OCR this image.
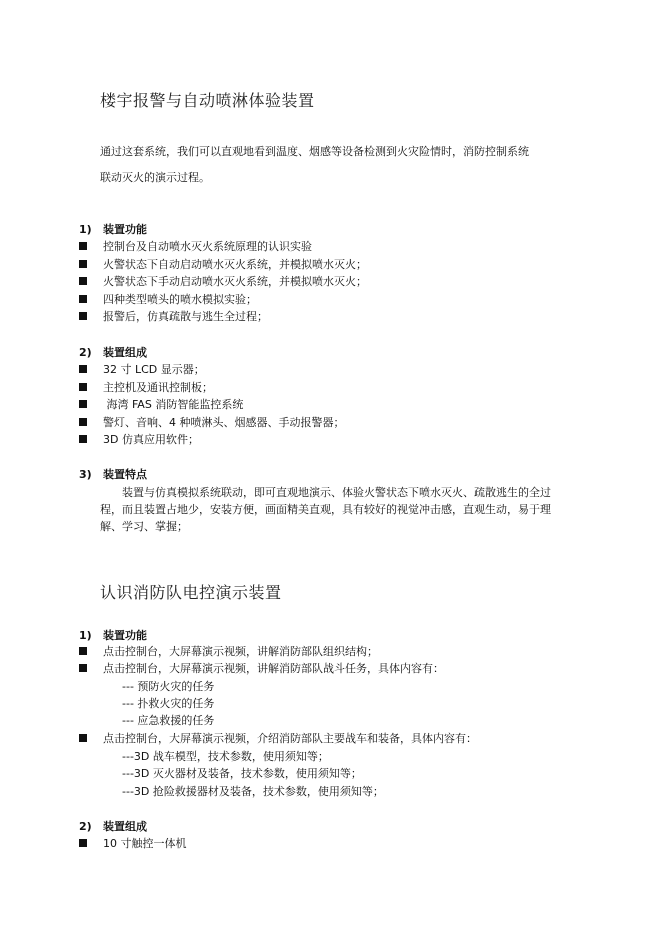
楼宇报警与自动喷淋体验装置
通过这套系统，我们可以直观地看到温度、烟感等设备检测到火灾险情时，消防控制系统
联动灭火的演示过程。
1) 装置功能
控制台及自动喷水灭火系统原理的认识实验
火警状态下自动启动喷水灭火系统，并模拟喷水灭火；
火警状态下手动启动喷水灭火系统，并模拟喷水灭火；
四种类型喷头的喷水模拟实验；
报警后，仿真疏散与逃生全过程；
2) 装置组成
32 寸 LCD 显示器；
主控机及通讯控制板；
海湾 FAS 消防智能监控系统
警灯、音响、4 种喷淋头、烟感器、手动报警器；
3D 仿真应用软件；
3) 装置特点
装置与仿真模拟系统联动，即可直观地演示、体验火警状态下喷水灭火、疏散逃生的全过程，而且装置占地少，安装方便，画面精美直观，具有较好的视觉冲击感，直观生动，易于理解、学习、掌握；
认识消防队电控演示装置
1) 装置功能
点击控制台，大屏幕演示视频，讲解消防部队组织结构；
点击控制台，大屏幕演示视频，讲解消防部队战斗任务，具体内容有：
--- 预防火灾的任务
--- 扑救火灾的任务
--- 应急救援的任务
点击控制台，大屏幕演示视频，介绍消防部队主要战车和装备，具体内容有：
---3D 战车模型，技术参数，使用须知等；
---3D 灭火器材及装备，技术参数，使用须知等；
---3D 抢险救援器材及装备，技术参数，使用须知等；
2) 装置组成
10 寸触控一体机
